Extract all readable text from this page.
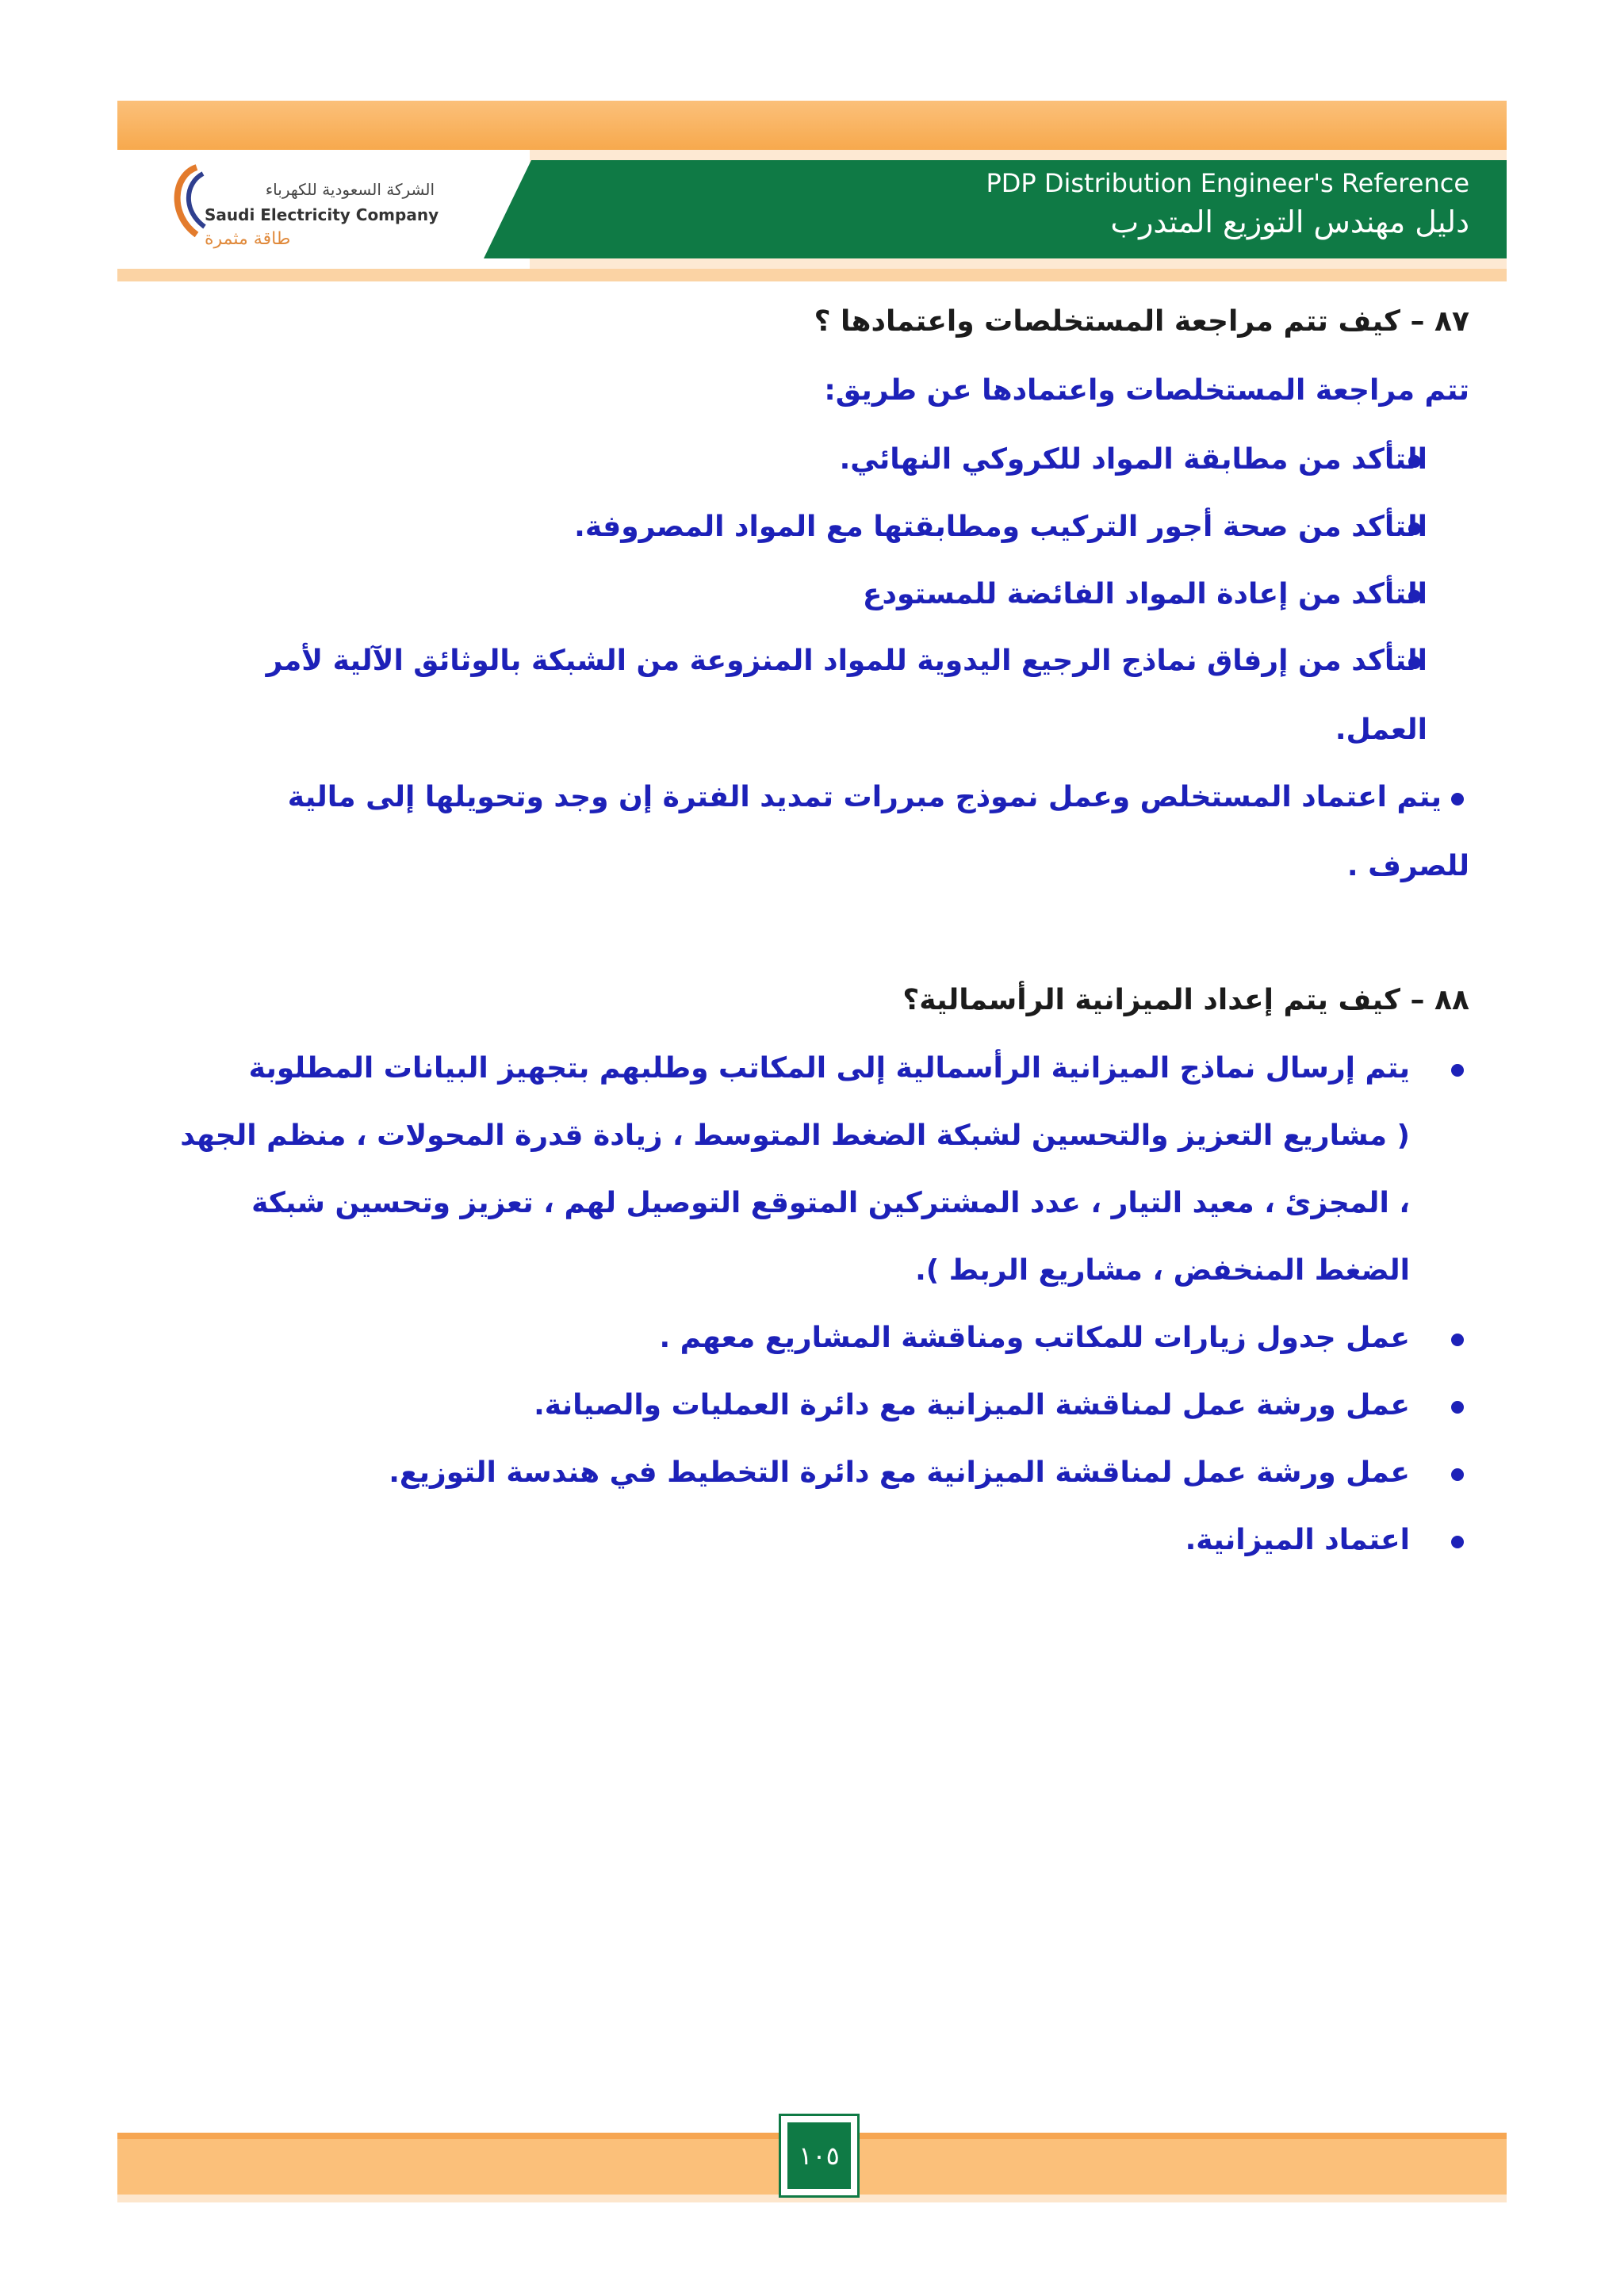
الشركة السعودية للكهرباء
Saudi Electricity Company
طاقة مثمرة
PDP Distribution Engineer's Reference
دليل مهندس التوزيع المتدرب
٨٧ – كيف تتم مراجعة المستخلصات واعتمادها ؟
تتم مراجعة المستخلصات واعتمادها عن طريق:
التأكد من مطابقة المواد للكروكي النهائي.
التأكد من صحة أجور التركيب ومطابقتها مع المواد المصروفة.
التأكد من إعادة المواد الفائضة للمستودع
التأكد من إرفاق نماذج الرجيع اليدوية للمواد المنزوعة من الشبكة بالوثائق الآلية لأمر
العمل.
يتم اعتماد المستخلص وعمل نموذج مبررات تمديد الفترة إن وجد وتحويلها إلى مالية
للصرف .
٨٨ – كيف يتم إعداد الميزانية الرأسمالية؟
يتم إرسال نماذج الميزانية الرأسمالية إلى المكاتب وطلبهم بتجهيز البيانات المطلوبة
( مشاريع التعزيز والتحسين لشبكة الضغط المتوسط ، زيادة قدرة المحولات ، منظم الجهد
، المجزئ ، معيد التيار ، عدد المشتركين المتوقع التوصيل لهم ، تعزيز وتحسين شبكة
الضغط المنخفض ، مشاريع الربط ).
عمل جدول زيارات للمكاتب ومناقشة المشاريع معهم .
عمل ورشة عمل لمناقشة الميزانية مع دائرة العمليات والصيانة.
عمل ورشة عمل لمناقشة الميزانية مع دائرة التخطيط في هندسة التوزيع.
اعتماد الميزانية.
١٠٥
